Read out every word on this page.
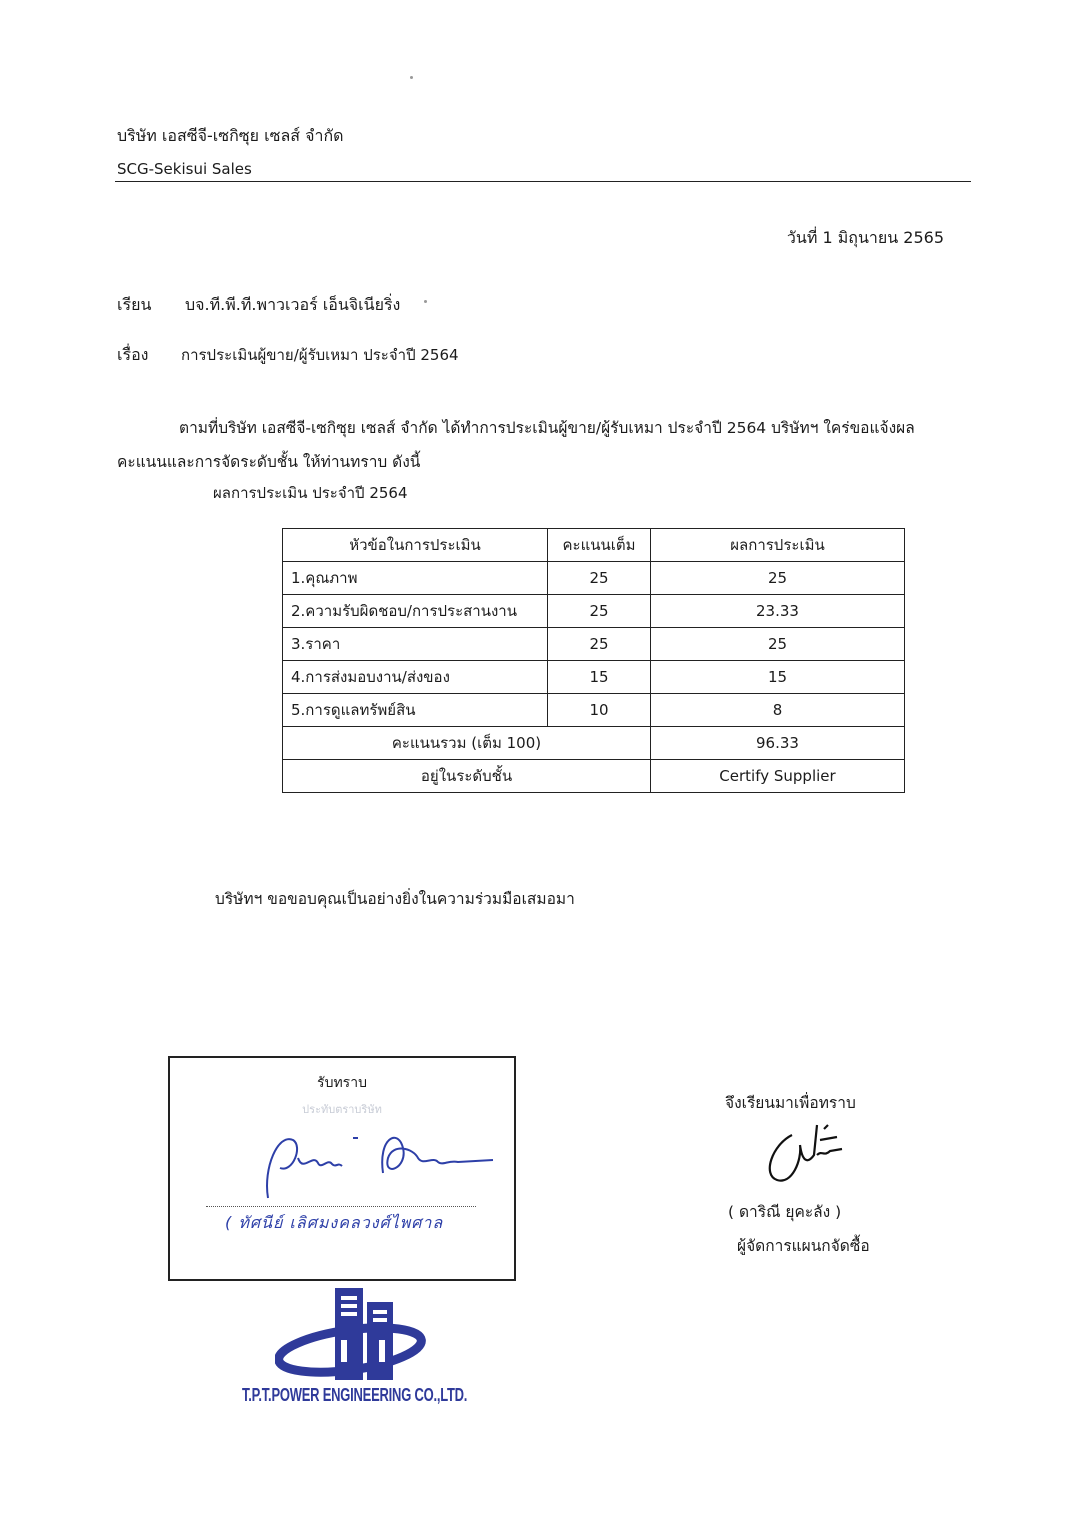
บริษัท เอสซีจี-เซกิซุย เซลส์ จำกัด
SCG-Sekisui Sales
วันที่ 1 มิถุนายน 2565
เรียน บจ.ที.พี.ที.พาวเวอร์ เอ็นจิเนียริ่ง
เรื่อง การประเมินผู้ขาย/ผู้รับเหมา ประจำปี 2564
ตามที่บริษัท เอสซีจี-เซกิซุย เซลส์ จำกัด ได้ทำการประเมินผู้ขาย/ผู้รับเหมา ประจำปี 2564 บริษัทฯ ใคร่ขอแจ้งผลคะแนนและการจัดระดับชั้น ให้ท่านทราบ ดังนี้
ผลการประเมิน ประจำปี 2564
หัวข้อในการประเมิน	คะแนนเต็ม	ผลการประเมิน
1.คุณภาพ	25	25
2.ความรับผิดชอบ/การประสานงาน	25	23.33
3.ราคา	25	25
4.การส่งมอบงาน/ส่งของ	15	15
5.การดูแลทรัพย์สิน	10	8
คะแนนรวม (เต็ม 100)		96.33
อยู่ในระดับชั้น		Certify Supplier
บริษัทฯ ขอขอบคุณเป็นอย่างยิ่งในความร่วมมือเสมอมา
รับทราบ
ประทับตราบริษัท
( ทัศนีย์ เลิศมงคลวงศ์ไพศาล
จึงเรียนมาเพื่อทราบ
( ดาริณี ยุคะลัง )
ผู้จัดการแผนกจัดซื้อ
T.P.T.POWER ENGINEERING CO.,LTD.
